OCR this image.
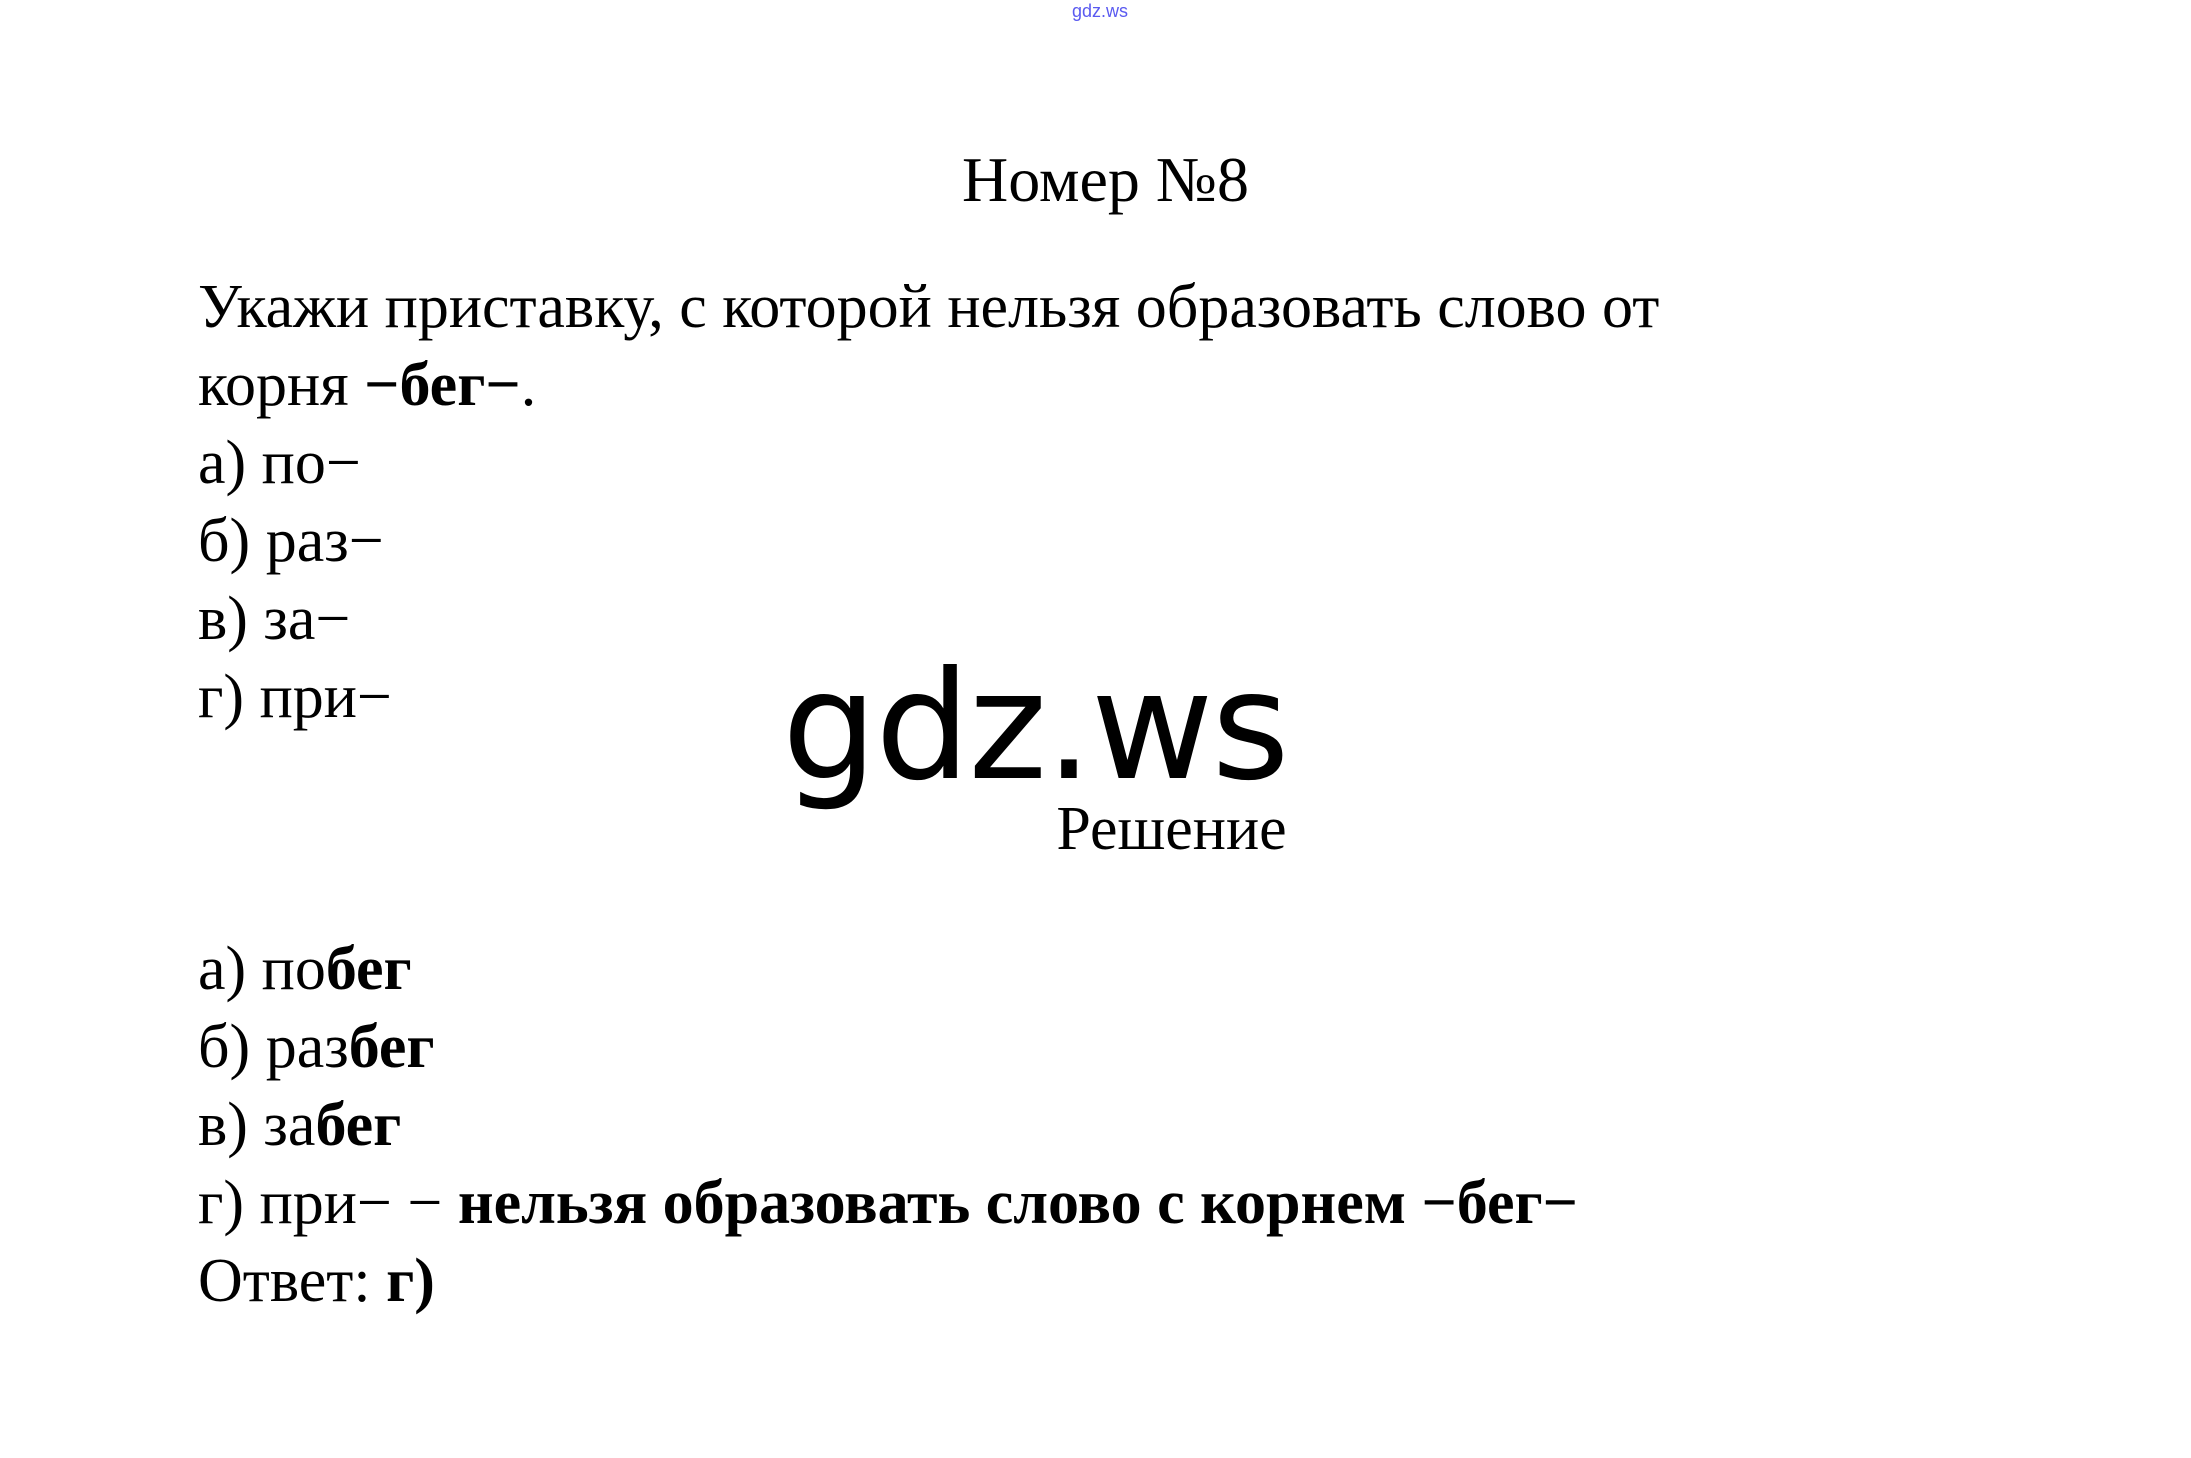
gdz.ws
Номер №8
Укажи приставку, с которой нельзя образовать слово от
корня −бег−.
а) по−
б) раз−
в) за−
г) при−	gdz.ws
Решение
а) побег
б) разбег
в) забег
г) при− − нельзя образовать слово с корнем −бег−
Ответ: г)
